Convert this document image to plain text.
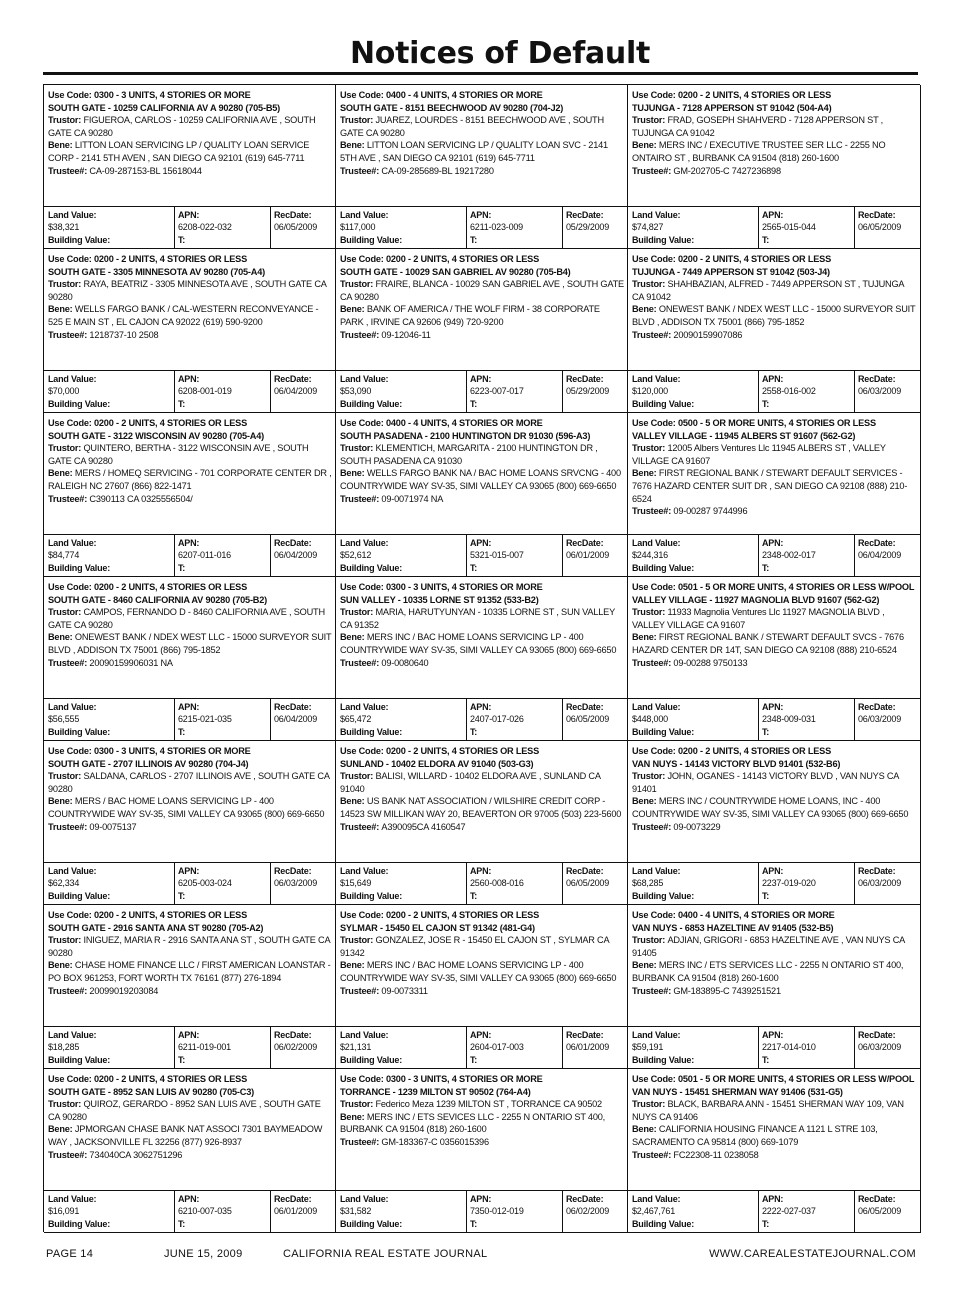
Notices of Default
Use Code: 0300 - 3 UNITS, 4 STORIES OR MORE
SOUTH GATE - 10259 CALIFORNIA AV A 90280 (705-B5)
Trustor: FIGUEROA, CARLOS - 10259 CALIFORNIA AVE , SOUTH GATE CA 90280
Bene: LITTON LOAN SERVICING LP / QUALITY LOAN SERVICE CORP - 2141 5TH AVEN , SAN DIEGO CA 92101 (619) 645-7711
Trustee#: CA-09-287153-BL 15618044
Land Value:
$38,321
Building Value:
APN:
6208-022-032
T:
RecDate:
06/05/2009
Use Code: 0400 - 4 UNITS, 4 STORIES OR MORE
SOUTH GATE - 8151 BEECHWOOD AV 90280 (704-J2)
Trustor: JUAREZ, LOURDES - 8151 BEECHWOOD AVE , SOUTH GATE CA 90280
Bene: LITTON LOAN SERVICING LP / QUALITY LOAN SVC - 2141 5TH AVE , SAN DIEGO CA 92101 (619) 645-7711
Trustee#: CA-09-285689-BL 19217280
Land Value:
$117,000
Building Value:
APN:
6211-023-009
T:
RecDate:
05/29/2009
Use Code: 0200 - 2 UNITS, 4 STORIES OR LESS
TUJUNGA - 7128 APPERSON ST 91042 (504-A4)
Trustor: FRAD, GOSEPH SHAHVERD - 7128 APPERSON ST , TUJUNGA CA 91042
Bene: MERS INC / EXECUTIVE TRUSTEE SER LLC - 2255 NO ONTAIRO ST , BURBANK CA 91504 (818) 260-1600
Trustee#: GM-202705-C 7427236898
Land Value:
$74,827
Building Value:
APN:
2565-015-044
T:
RecDate:
06/05/2009
Use Code: 0200 - 2 UNITS, 4 STORIES OR LESS
SOUTH GATE - 3305 MINNESOTA AV 90280 (705-A4)
Trustor: RAYA, BEATRIZ - 3305 MINNESOTA AVE , SOUTH GATE CA 90280
Bene: WELLS FARGO BANK / CAL-WESTERN RECONVEYANCE - 525 E MAIN ST , EL CAJON CA 92022 (619) 590-9200
Trustee#: 1218737-10 2508
Land Value:
$70,000
Building Value:
APN:
6208-001-019
T:
RecDate:
06/04/2009
Use Code: 0200 - 2 UNITS, 4 STORIES OR LESS
SOUTH GATE - 10029 SAN GABRIEL AV 90280 (705-B4)
Trustor: FRAIRE, BLANCA - 10029 SAN GABRIEL AVE , SOUTH GATE CA 90280
Bene: BANK OF AMERICA / THE WOLF FIRM - 38 CORPORATE PARK , IRVINE CA 92606 (949) 720-9200
Trustee#: 09-12046-11
Land Value:
$53,090
Building Value:
APN:
6223-007-017
T:
RecDate:
05/29/2009
Use Code: 0200 - 2 UNITS, 4 STORIES OR LESS
TUJUNGA - 7449 APPERSON ST 91042 (503-J4)
Trustor: SHAHBAZIAN, ALFRED - 7449 APPERSON ST , TUJUNGA CA 91042
Bene: ONEWEST BANK / NDEX WEST LLC - 15000 SURVEYOR SUIT BLVD , ADDISON TX 75001 (866) 795-1852
Trustee#: 20090159907086
Land Value:
$120,000
Building Value:
APN:
2558-016-002
T:
RecDate:
06/03/2009
Use Code: 0200 - 2 UNITS, 4 STORIES OR LESS
SOUTH GATE - 3122 WISCONSIN AV 90280 (705-A4)
Trustor: QUINTERO, BERTHA - 3122 WISCONSIN AVE , SOUTH GATE CA 90280
Bene: MERS / HOMEQ SERVICING - 701 CORPORATE CENTER DR , RALEIGH NC 27607 (866) 822-1471
Trustee#: C390113 CA 0325556504/
Land Value:
$84,774
Building Value:
APN:
6207-011-016
T:
RecDate:
06/04/2009
Use Code: 0400 - 4 UNITS, 4 STORIES OR MORE
SOUTH PASADENA - 2100 HUNTINGTON DR 91030 (596-A3)
Trustor: KLEMENTICH, MARGARITA - 2100 HUNTINGTON DR , SOUTH PASADENA CA 91030
Bene: WELLS FARGO BANK NA / BAC HOME LOANS SRVCNG - 400 COUNTRYWIDE WAY SV-35, SIMI VALLEY CA 93065 (800) 669-6650
Trustee#: 09-0071974 NA
Land Value:
$52,612
Building Value:
APN:
5321-015-007
T:
RecDate:
06/01/2009
Use Code: 0500 - 5 OR MORE UNITS, 4 STORIES OR LESS
VALLEY VILLAGE - 11945 ALBERS ST 91607 (562-G2)
Trustor: 12005 Albers Ventures Llc 11945 ALBERS ST , VALLEY VILLAGE CA 91607
Bene: FIRST REGIONAL BANK / STEWART DEFAULT SERVICES - 7676 HAZARD CENTER SUIT DR , SAN DIEGO CA 92108 (888) 210-6524
Trustee#: 09-00287 9744996
Land Value:
$244,316
Building Value:
APN:
2348-002-017
T:
RecDate:
06/04/2009
Use Code: 0200 - 2 UNITS, 4 STORIES OR LESS
SOUTH GATE - 8460 CALIFORNIA AV 90280 (705-B2)
Trustor: CAMPOS, FERNANDO D - 8460 CALIFORNIA AVE , SOUTH GATE CA 90280
Bene: ONEWEST BANK / NDEX WEST LLC - 15000 SURVEYOR SUIT BLVD , ADDISON TX 75001 (866) 795-1852
Trustee#: 20090159906031 NA
Land Value:
$56,555
Building Value:
APN:
6215-021-035
T:
RecDate:
06/04/2009
Use Code: 0300 - 3 UNITS, 4 STORIES OR MORE
SUN VALLEY - 10335 LORNE ST 91352 (533-B2)
Trustor: MARIA, HARUTYUNYAN - 10335 LORNE ST , SUN VALLEY CA 91352
Bene: MERS INC / BAC HOME LOANS SERVICING LP - 400 COUNTRYWIDE WAY SV-35, SIMI VALLEY CA 93065 (800) 669-6650
Trustee#: 09-0080640
Land Value:
$65,472
Building Value:
APN:
2407-017-026
T:
RecDate:
06/05/2009
Use Code: 0501 - 5 OR MORE UNITS, 4 STORIES OR LESS W/POOL
VALLEY VILLAGE - 11927 MAGNOLIA BLVD 91607 (562-G2)
Trustor: 11933 Magnolia Ventures Llc 11927 MAGNOLIA BLVD , VALLEY VILLAGE CA 91607
Bene: FIRST REGIONAL BANK / STEWART DEFAULT SVCS - 7676 HAZARD CENTER DR 14T, SAN DIEGO CA 92108 (888) 210-6524
Trustee#: 09-00288 9750133
Land Value:
$448,000
Building Value:
APN:
2348-009-031
T:
RecDate:
06/03/2009
Use Code: 0300 - 3 UNITS, 4 STORIES OR MORE
SOUTH GATE - 2707 ILLINOIS AV 90280 (704-J4)
Trustor: SALDANA, CARLOS - 2707 ILLINOIS AVE , SOUTH GATE CA 90280
Bene: MERS / BAC HOME LOANS SERVICING LP - 400 COUNTRYWIDE WAY SV-35, SIMI VALLEY CA 93065 (800) 669-6650
Trustee#: 09-0075137
Land Value:
$62,334
Building Value:
APN:
6205-003-024
T:
RecDate:
06/03/2009
Use Code: 0200 - 2 UNITS, 4 STORIES OR LESS
SUNLAND - 10402 ELDORA AV 91040 (503-G3)
Trustor: BALISI, WILLARD - 10402 ELDORA AVE , SUNLAND CA 91040
Bene: US BANK NAT ASSOCIATION / WILSHIRE CREDIT CORP - 14523 SW MILLIKAN WAY 20, BEAVERTON OR 97005 (503) 223-5600
Trustee#: A390095CA 4160547
Land Value:
$15,649
Building Value:
APN:
2560-008-016
T:
RecDate:
06/05/2009
Use Code: 0200 - 2 UNITS, 4 STORIES OR LESS
VAN NUYS - 14143 VICTORY BLVD 91401 (532-B6)
Trustor: JOHN, OGANES - 14143 VICTORY BLVD , VAN NUYS CA 91401
Bene: MERS INC / COUNTRYWIDE HOME LOANS, INC - 400 COUNTRYWIDE WAY SV-35, SIMI VALLEY CA 93065 (800) 669-6650
Trustee#: 09-0073229
Land Value:
$68,285
Building Value:
APN:
2237-019-020
T:
RecDate:
06/03/2009
Use Code: 0200 - 2 UNITS, 4 STORIES OR LESS
SOUTH GATE - 2916 SANTA ANA ST 90280 (705-A2)
Trustor: INIGUEZ, MARIA R - 2916 SANTA ANA ST , SOUTH GATE CA 90280
Bene: CHASE HOME FINANCE LLC / FIRST AMERICAN LOANSTAR - PO BOX 961253, FORT WORTH TX 76161 (877) 276-1894
Trustee#: 20099019203084
Land Value:
$18,285
Building Value:
APN:
6211-019-001
T:
RecDate:
06/02/2009
Use Code: 0200 - 2 UNITS, 4 STORIES OR LESS
SYLMAR - 15450 EL CAJON ST 91342 (481-G4)
Trustor: GONZALEZ, JOSE R - 15450 EL CAJON ST , SYLMAR CA 91342
Bene: MERS INC / BAC HOME LOANS SERVICING LP - 400 COUNTRYWIDE WAY SV-35, SIMI VALLEY CA 93065 (800) 669-6650
Trustee#: 09-0073311
Land Value:
$21,131
Building Value:
APN:
2604-017-003
T:
RecDate:
06/01/2009
Use Code: 0400 - 4 UNITS, 4 STORIES OR MORE
VAN NUYS - 6853 HAZELTINE AV 91405 (532-B5)
Trustor: ADJIAN, GRIGORI - 6853 HAZELTINE AVE , VAN NUYS CA 91405
Bene: MERS INC / ETS SERVICES LLC - 2255 N ONTARIO ST 400, BURBANK CA 91504 (818) 260-1600
Trustee#: GM-183895-C 7439251521
Land Value:
$59,191
Building Value:
APN:
2217-014-010
T:
RecDate:
06/03/2009
Use Code: 0200 - 2 UNITS, 4 STORIES OR LESS
SOUTH GATE - 8952 SAN LUIS AV 90280 (705-C3)
Trustor: QUIROZ, GERARDO - 8952 SAN LUIS AVE , SOUTH GATE CA 90280
Bene: JPMORGAN CHASE BANK NAT ASSOCI 7301 BAYMEADOW WAY , JACKSONVILLE FL 32256 (877) 926-8937
Trustee#: 734040CA 3062751296
Land Value:
$16,091
Building Value:
APN:
6210-007-035
T:
RecDate:
06/01/2009
Use Code: 0300 - 3 UNITS, 4 STORIES OR MORE
TORRANCE - 1239 MILTON ST 90502 (764-A4)
Trustor: Federico Meza 1239 MILTON ST , TORRANCE CA 90502
Bene: MERS INC / ETS SEVICES LLC - 2255 N ONTARIO ST 400, BURBANK CA 91504 (818) 260-1600
Trustee#: GM-183367-C 0356015396
Land Value:
$31,582
Building Value:
APN:
7350-012-019
T:
RecDate:
06/02/2009
Use Code: 0501 - 5 OR MORE UNITS, 4 STORIES OR LESS W/POOL
VAN NUYS - 15451 SHERMAN WAY 91406 (531-G5)
Trustor: BLACK, BARBARA ANN - 15451 SHERMAN WAY 109, VAN NUYS CA 91406
Bene: CALIFORNIA HOUSING FINANCE A 1121 L STRE 103, SACRAMENTO CA 95814 (800) 669-1079
Trustee#: FC22308-11 0238058
Land Value:
$2,467,761
Building Value:
APN:
2222-027-037
T:
RecDate:
06/05/2009
PAGE 14	JUNE 15, 2009	CALIFORNIA REAL ESTATE JOURNAL	WWW.CAREALESTATEJOURNAL.COM
